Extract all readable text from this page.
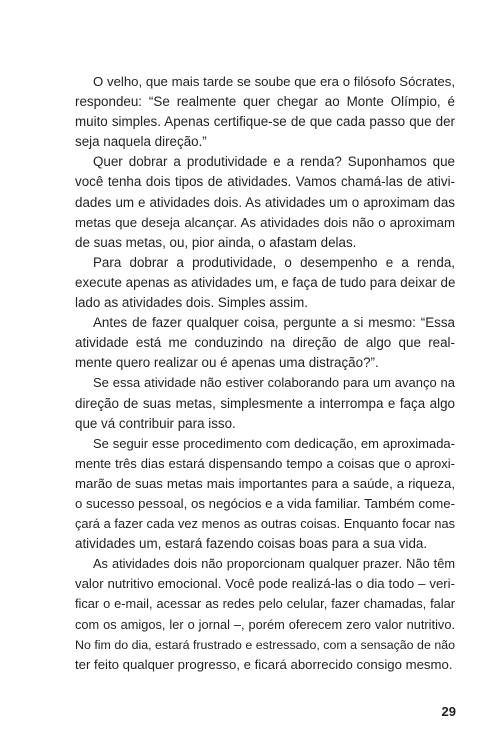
O velho, que mais tarde se soube que era o filósofo Sócrates,
respondeu: “Se realmente quer chegar ao Monte Olímpio, é
muito simples. Apenas certifique-se de que cada passo que der
seja naquela direção.”
Quer dobrar a produtividade e a renda? Suponhamos que
você tenha dois tipos de atividades. Vamos chamá-las de ativi-
dades um e atividades dois. As atividades um o aproximam das
metas que deseja alcançar. As atividades dois não o aproximam
de suas metas, ou, pior ainda, o afastam delas.
Para dobrar a produtividade, o desempenho e a renda,
execute apenas as atividades um, e faça de tudo para deixar de
lado as atividades dois. Simples assim.
Antes de fazer qualquer coisa, pergunte a si mesmo: “Essa
atividade está me conduzindo na direção de algo que real-
mente quero realizar ou é apenas uma distração?”.
Se essa atividade não estiver colaborando para um avanço na
direção de suas metas, simplesmente a interrompa e faça algo
que vá contribuir para isso.
Se seguir esse procedimento com dedicação, em aproximada-
mente três dias estará dispensando tempo a coisas que o aproxi-
marão de suas metas mais importantes para a saúde, a riqueza,
o sucesso pessoal, os negócios e a vida familiar. Também come-
çará a fazer cada vez menos as outras coisas. Enquanto focar nas
atividades um, estará fazendo coisas boas para a sua vida.
As atividades dois não proporcionam qualquer prazer. Não têm
valor nutritivo emocional. Você pode realizá-las o dia todo – veri-
ficar o e-mail, acessar as redes pelo celular, fazer chamadas, falar
com os amigos, ler o jornal –, porém oferecem zero valor nutritivo.
No fim do dia, estará frustrado e estressado, com a sensação de não
ter feito qualquer progresso, e ficará aborrecido consigo mesmo.
29
